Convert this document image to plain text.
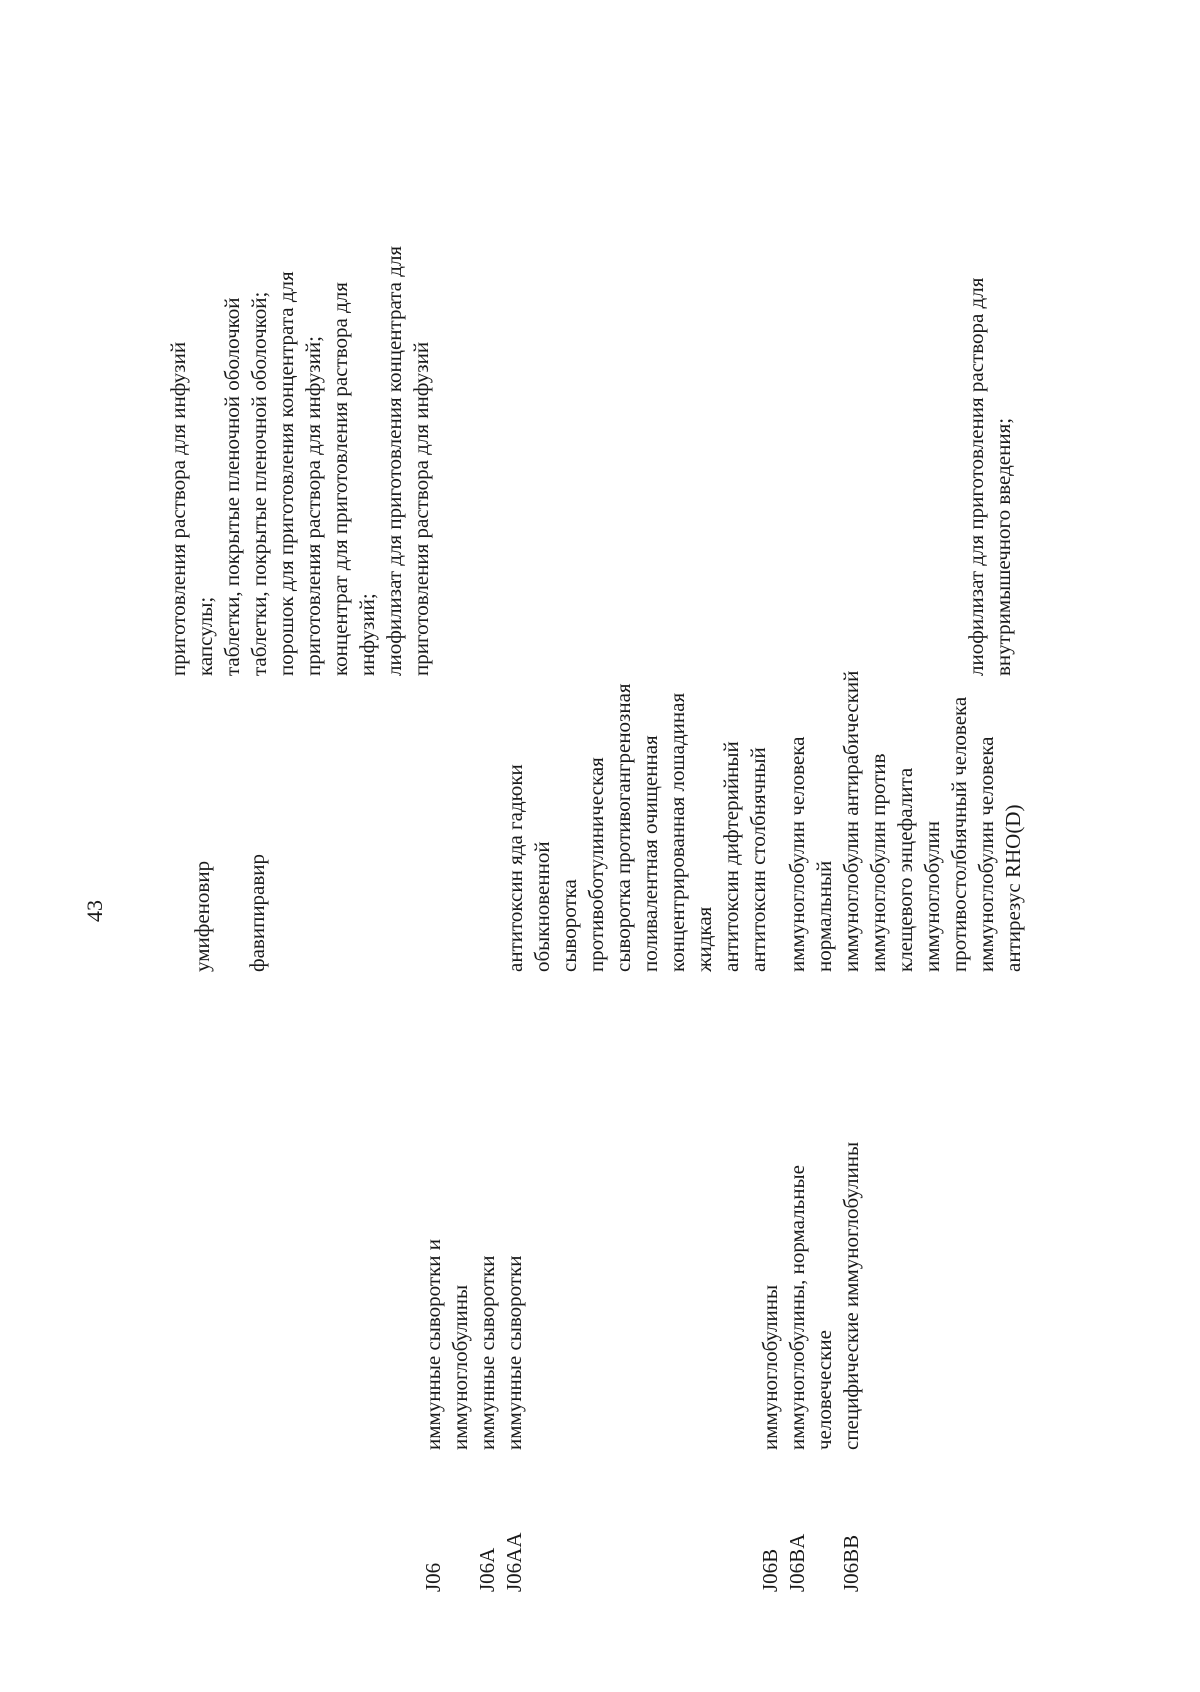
43	умифеновир фавипиравир
приготовления раствора для инфузий капсулы; таблетки, покрытые пленочной оболочкой таблетки, покрытые пленочной оболочкой; порошок для приготовления концентрата для приготовления раствора для инфузий; концентрат для приготовления раствора для инфузий; лиофилизат для приготовления концентрата для приготовления раствора для инфузий
J06
J06A J06AA
иммунные сыворотки и иммуноглобулины иммунные сыворотки иммунные сыворотки
антитоксин яда гадюки обыкновенной сыворотка противоботулиническая сыворотка противогангренозная поливалентная очищенная концентрированная лошадиная жидкая антитоксин дифтерийный антитоксин столбнячный
J06B J06BA
J06BB
иммуноглобулины иммуноглобулины, нормальные человеческие специфические иммуноглобулины
иммуноглобулин человека нормальный иммуноглобулин антирабический иммуноглобулин против клещевого энцефалита иммуноглобулин противостолбнячный человека иммуноглобулин человека антирезус RHO(D)
лиофилизат для приготовления раствора для внутримышечного введения;
